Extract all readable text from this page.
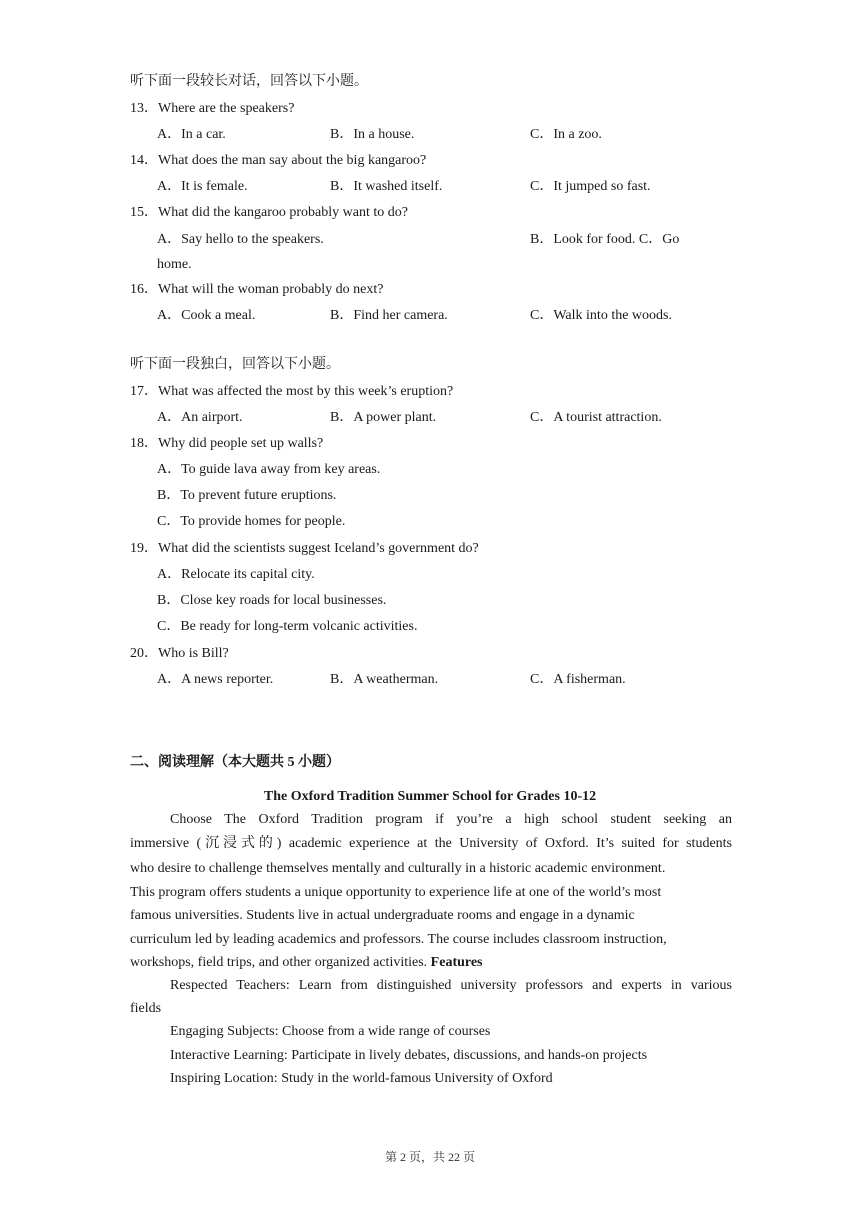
听下面一段较长对话，回答以下小题。
13．Where are the speakers?
A．In a car.	B．In a house.	C．In a zoo.
14．What does the man say about the big kangaroo?
A．It is female.	B．It washed itself.	C．It jumped so fast.
15．What did the kangaroo probably want to do?
A．Say hello to the speakers.	B．Look for food. C．Go
home.
16．What will the woman probably do next?
A．Cook a meal.	B．Find her camera.	C．Walk into the woods.
听下面一段独白，回答以下小题。
17．What was affected the most by this week’s eruption?
A．An airport.	B．A power plant.	C．A tourist attraction.
18．Why did people set up walls?
A．To guide lava away from key areas.
B．To prevent future eruptions.
C．To provide homes for people.
19．What did the scientists suggest Iceland’s government do?
A．Relocate its capital city.
B．Close key roads for local businesses.
C．Be ready for long-term volcanic activities.
20．Who is Bill?
A．A news reporter.	B．A weatherman.	C．A fisherman.
二、阅读理解（本大题共 5 小题）
The Oxford Tradition Summer School for Grades 10-12
Choose The Oxford Tradition program if you’re a high school student seeking an
immersive (沉浸式的) academic experience at the University of Oxford. It’s suited for students
who desire to challenge themselves mentally and culturally in a historic academic environment.
This program offers students a unique opportunity to experience life at one of the world’s most
famous universities. Students live in actual undergraduate rooms and engage in a dynamic
curriculum led by leading academics and professors. The course includes classroom instruction,
workshops, field trips, and other organized activities. Features
Respected Teachers: Learn from distinguished university professors and experts in various
fields
Engaging Subjects: Choose from a wide range of courses
Interactive Learning: Participate in lively debates, discussions, and hands-on projects
Inspiring Location: Study in the world-famous University of Oxford
第 2 页，共 22 页
